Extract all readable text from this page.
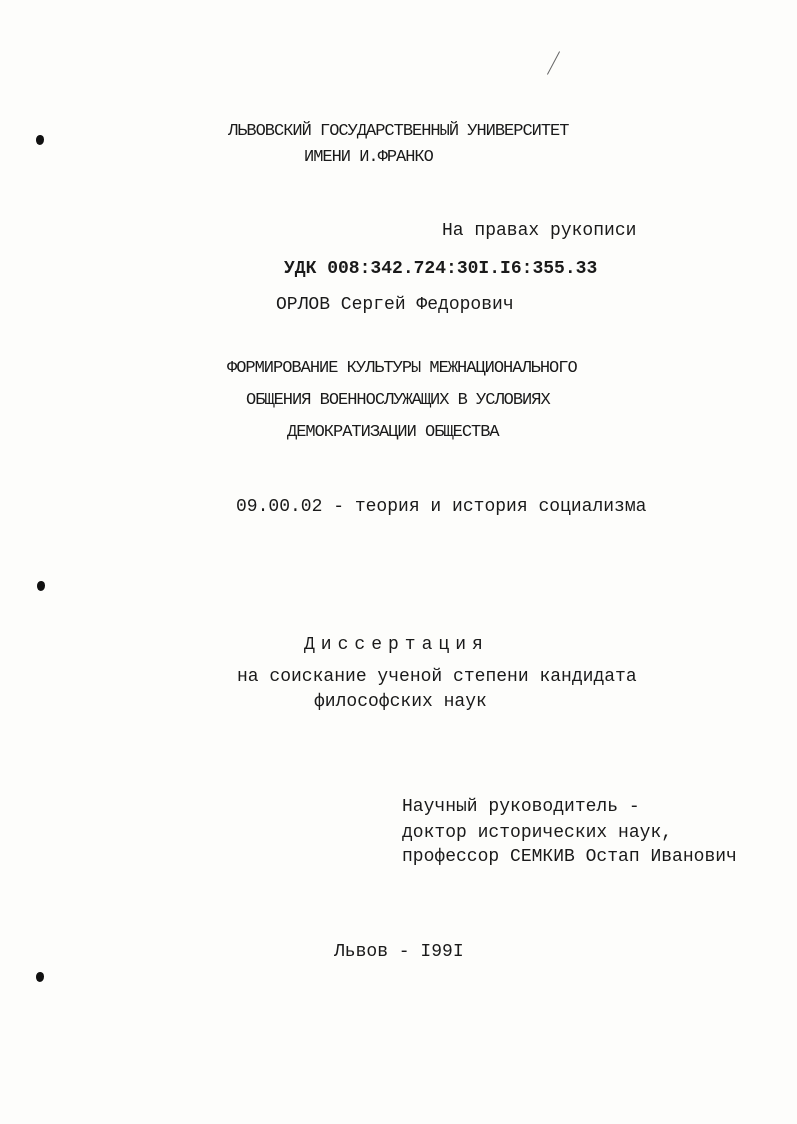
ЛЬВОВСКИЙ ГОСУДАРСТВЕННЫЙ УНИВЕРСИТЕТ
ИМЕНИ И.ФРАНКО
На правах рукописи
УДК 008:342.724:30I.I6:355.33
ОРЛОВ Сергей Федорович
ФОРМИРОВАНИЕ КУЛЬТУРЫ МЕЖНАЦИОНАЛЬНОГО
ОБЩЕНИЯ ВОЕННОСЛУЖАЩИХ В УСЛОВИЯХ
ДЕМОКРАТИЗАЦИИ ОБЩЕСТВА
09.00.02 - теория и история социализма
Диссертация
на соискание ученой степени кандидата
философских наук
Научный руководитель -
доктор исторических наук,
профессор СЕМКИВ Остап Иванович
Львов - I99I
